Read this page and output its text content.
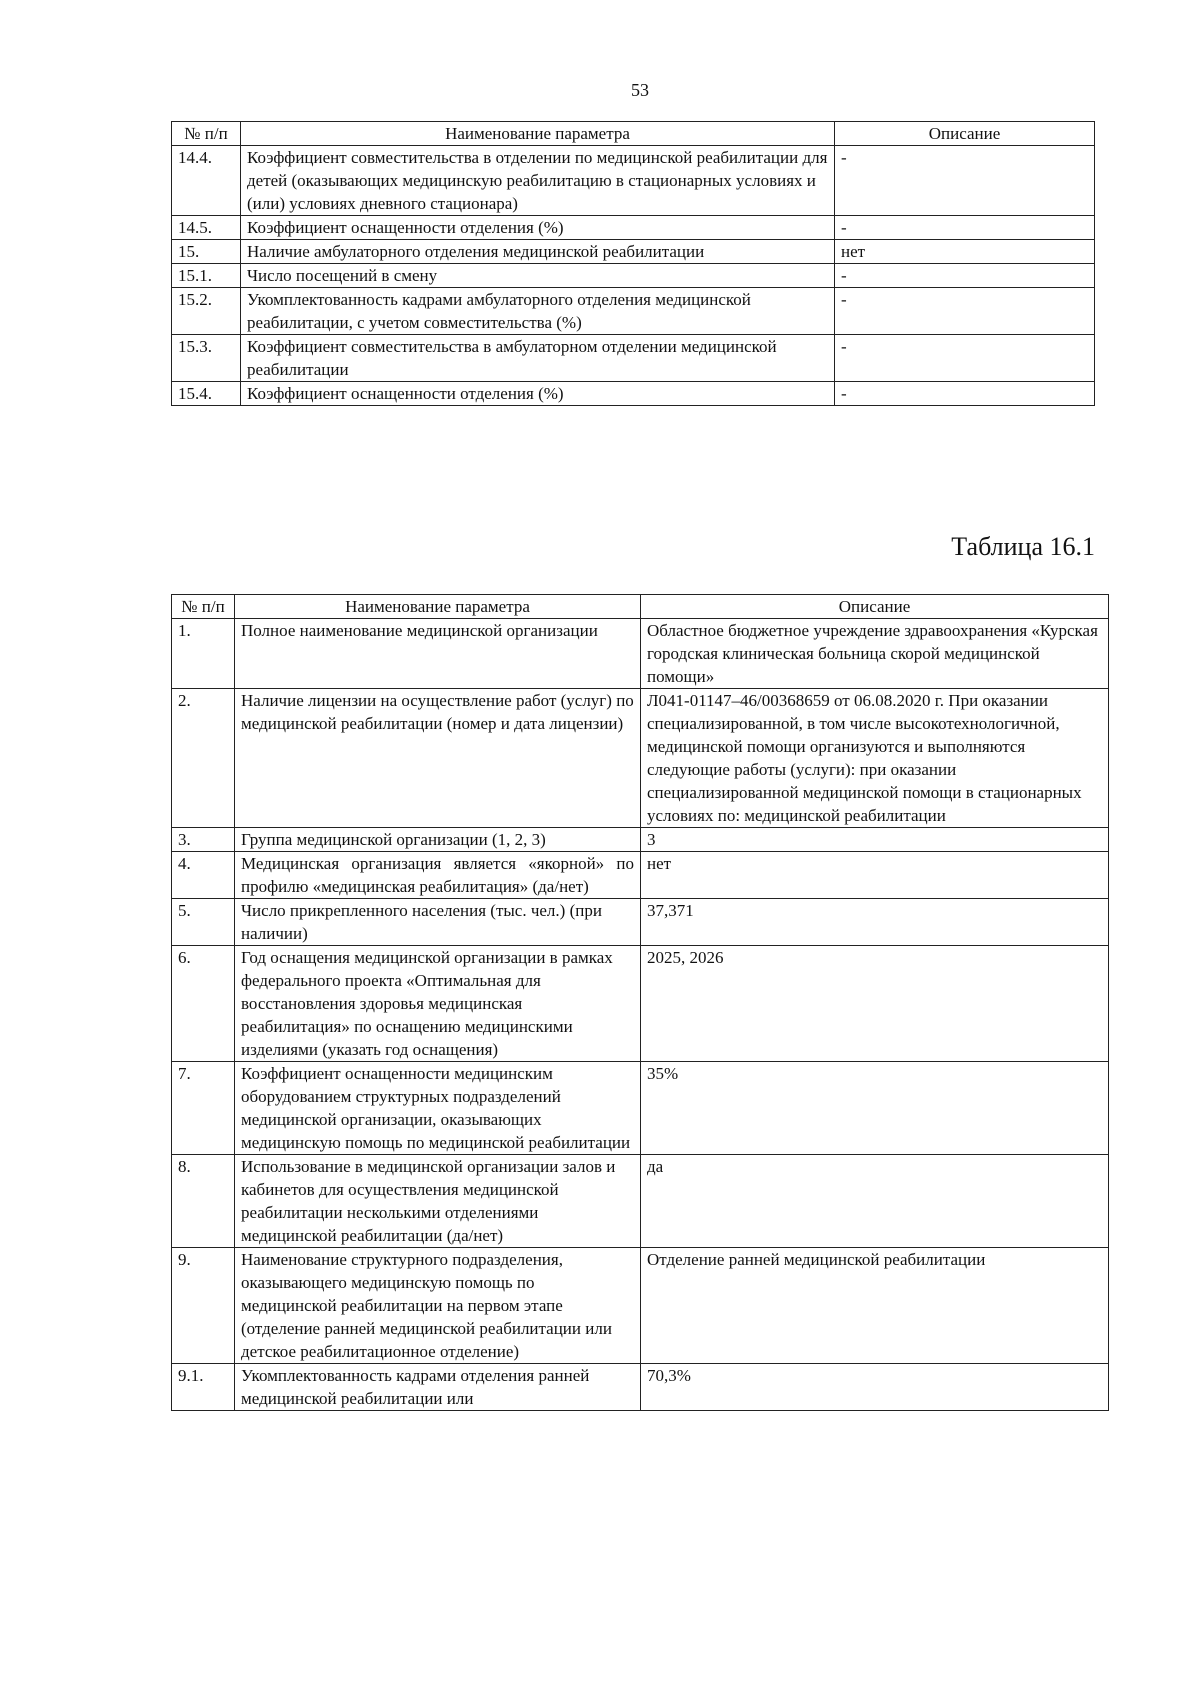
53
№ п/п	Наименование параметра	Описание
14.4.	Коэффициент совместительства в отделении по медицинской реабилитации для детей (оказывающих медицинскую реабилитацию в стационарных условиях и (или) условиях дневного стационара)	-
14.5.	Коэффициент оснащенности отделения (%)	-
15.	Наличие амбулаторного отделения медицинской реабилитации	нет
15.1.	Число посещений в смену	-
15.2.	Укомплектованность кадрами амбулаторного отделения медицинской реабилитации, с учетом совместительства (%)	-
15.3.	Коэффициент совместительства в амбулаторном отделении медицинской реабилитации	-
15.4.	Коэффициент оснащенности отделения (%)	-
Таблица 16.1
№ п/п	Наименование параметра	Описание
1.	Полное наименование медицинской организации	Областное бюджетное учреждение здравоохранения «Курская городская клиническая больница скорой медицинской помощи»
2.	Наличие лицензии на осуществление работ (услуг) по медицинской реабилитации (номер и дата лицензии)	Л041-01147–46/00368659 от 06.08.2020 г. При оказании специализированной, в том числе высокотехнологичной, медицинской помощи организуются и выполняются следующие работы (услуги): при оказании специализированной медицинской помощи в стационарных условиях по: медицинской реабилитации
3.	Группа медицинской организации (1, 2, 3)	3
4.	Медицинская организация является «якорной» по профилю «медицинская реабилитация» (да/нет)	нет
5.	Число прикрепленного населения (тыс. чел.) (при наличии)	37,371
6.	Год оснащения медицинской организации в рамках федерального проекта «Оптимальная для восстановления здоровья медицинская реабилитация» по оснащению медицинскими изделиями (указать год оснащения)	2025, 2026
7.	Коэффициент оснащенности медицинским оборудованием структурных подразделений медицинской организации, оказывающих медицинскую помощь по медицинской реабилитации	35%
8.	Использование в медицинской организации залов и кабинетов для осуществления медицинской реабилитации несколькими отделениями медицинской реабилитации (да/нет)	да
9.	Наименование структурного подразделения, оказывающего медицинскую помощь по медицинской реабилитации на первом этапе (отделение ранней медицинской реабилитации или детское реабилитационное отделение)	Отделение ранней медицинской реабилитации
9.1.	Укомплектованность кадрами отделения ранней медицинской реабилитации или	70,3%
